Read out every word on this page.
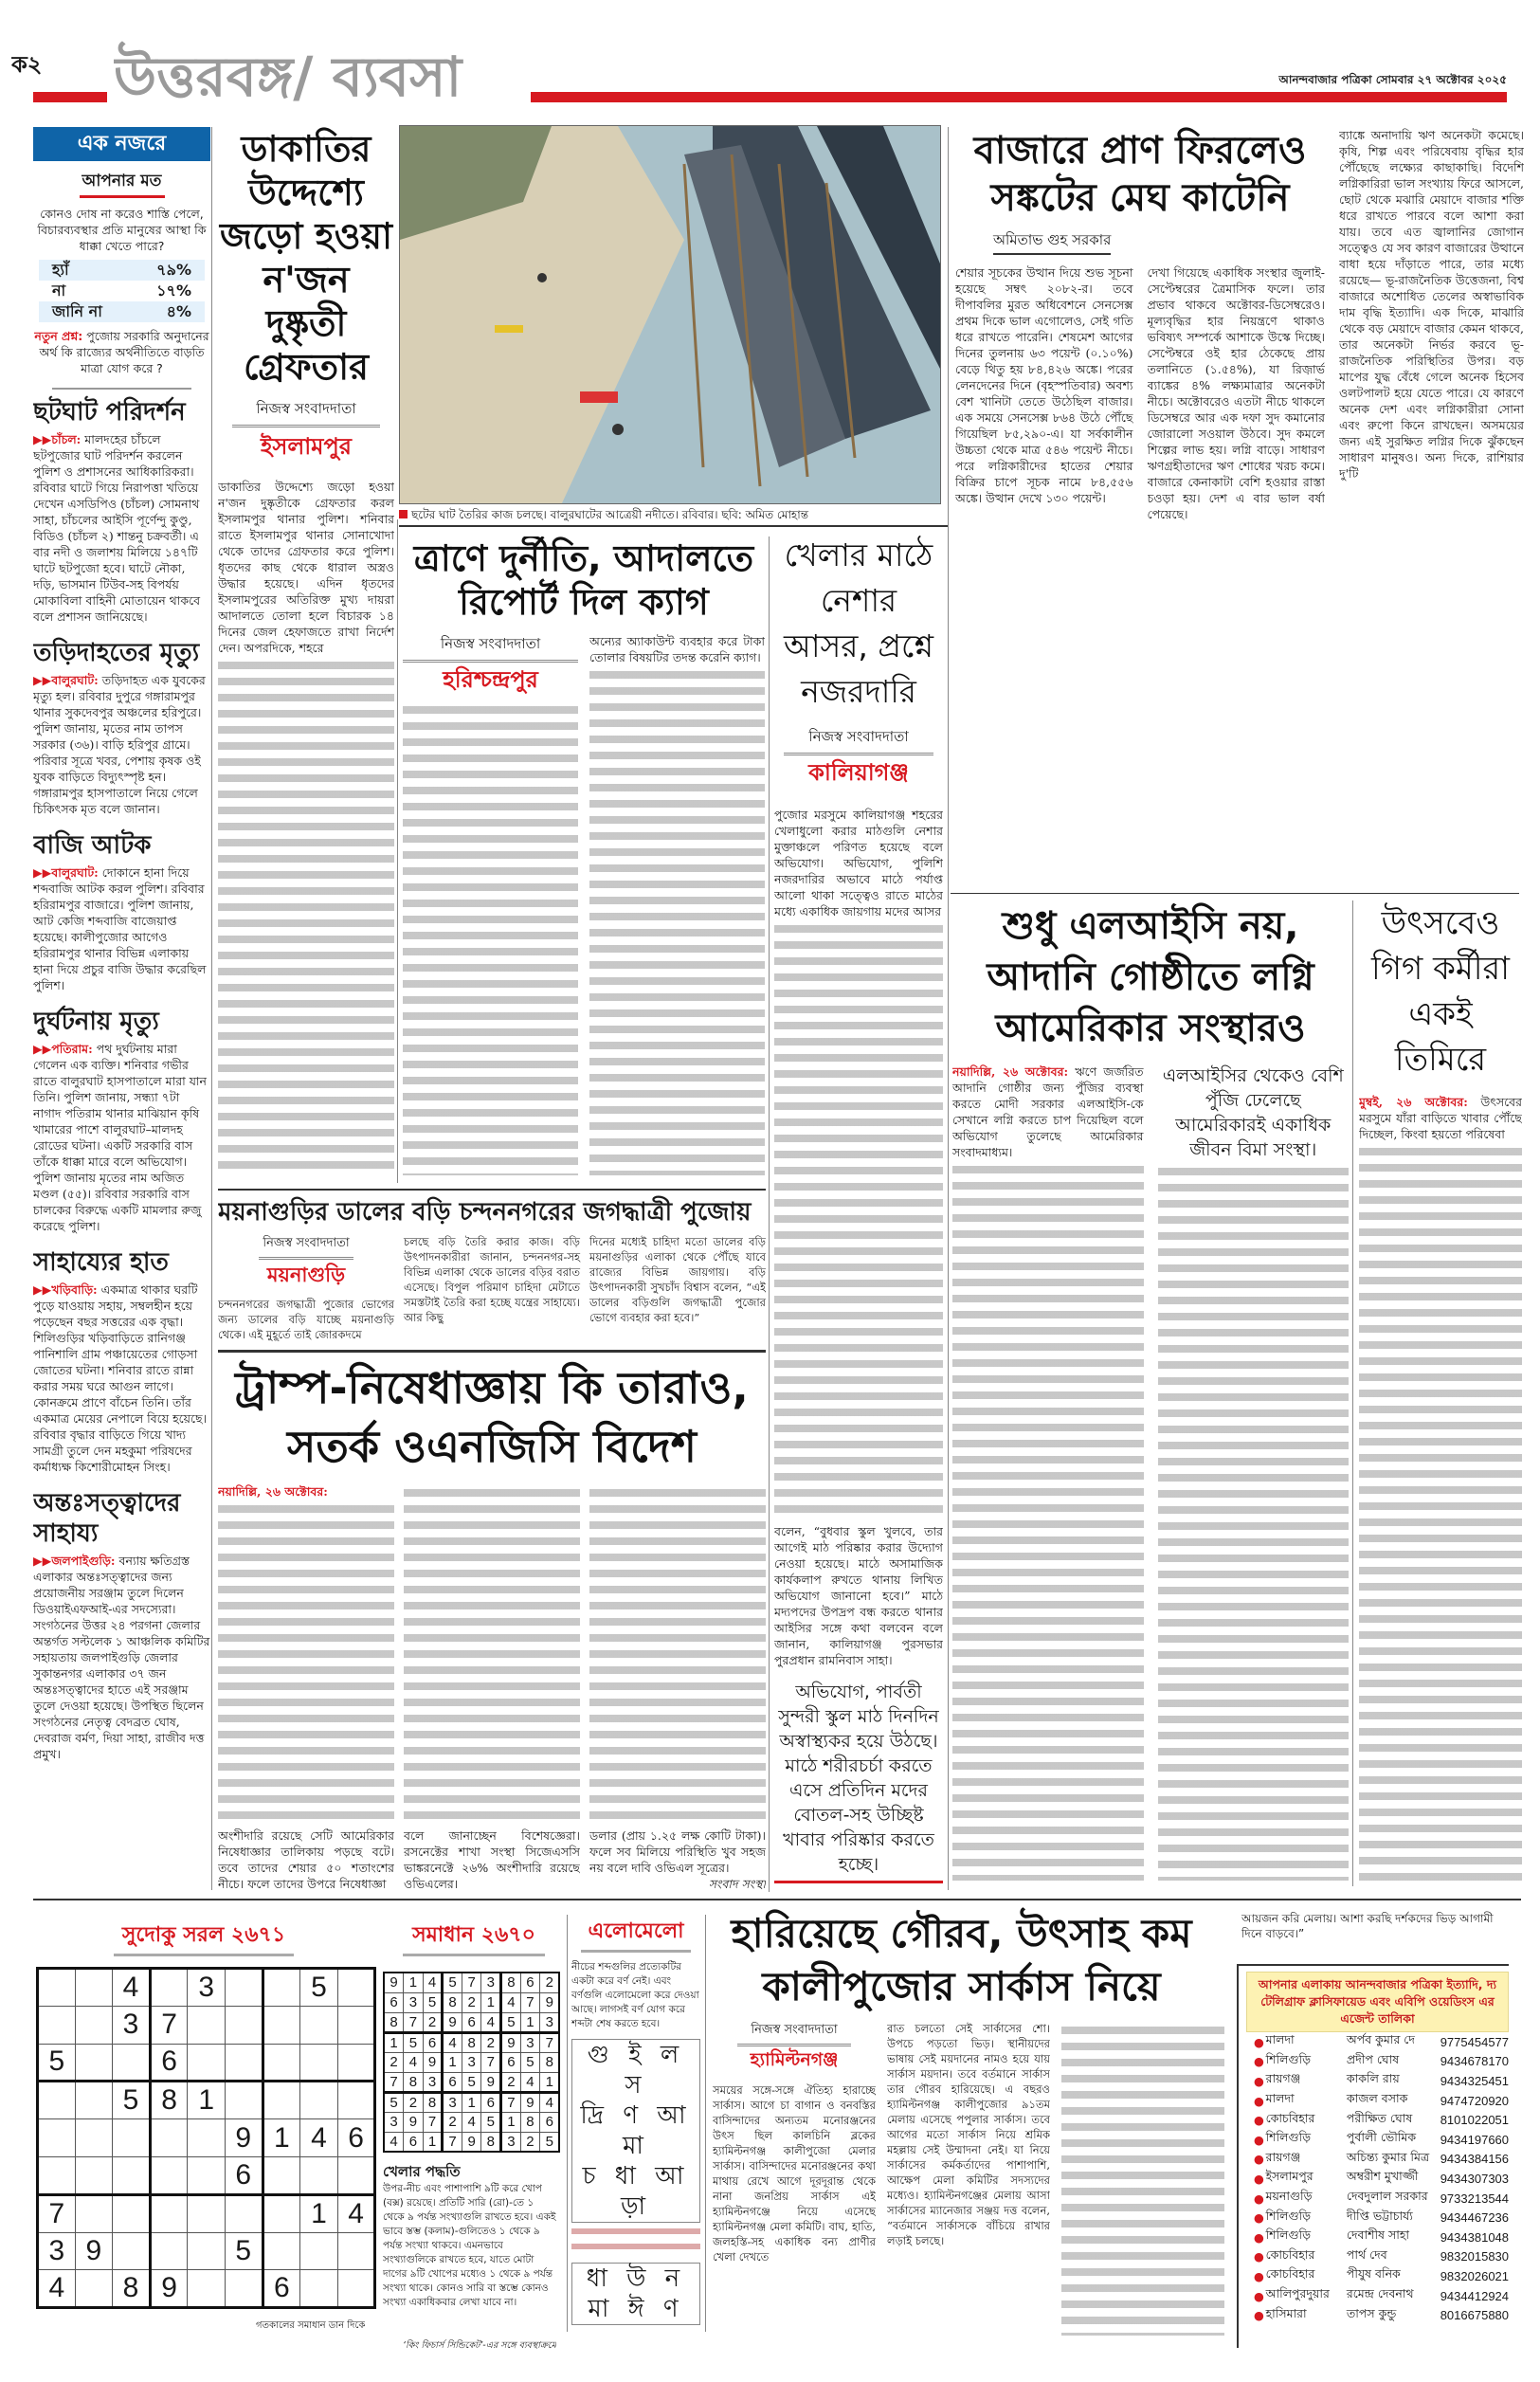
ক২ উত্তরবঙ্গ/ ব্যবসা	আনন্দবাজার পত্রিকা সোমবার ২৭ অক্টোবর ২০২৫
এক নজরে
আপনার মত
কোনও দোষ না করেও শাস্তি পেলে, বিচারব্যবস্থার প্রতি মানুষের আস্থা কি ধাক্কা খেতে পারে?
হ্যাঁ	৭৯%
না	১৭%
জানি না	৪%
নতুন প্রশ্ন: পুজোয় সরকারি অনুদানের অর্থ কি রাজ্যের অর্থনীতিতে বাড়তি মাত্রা যোগ করে ?
ছটঘাট পরিদর্শন
▶▶চাঁচল: মালদহের চাঁচলে ছটপুজোর ঘাট পরিদর্শন করলেন পুলিশ ও প্রশাসনের আধিকারিকরা। রবিবার ঘাটে গিয়ে নিরাপত্তা খতিয়ে দেখেন এসডিপিও (চাঁচল) সোমনাথ সাহা, চাঁচলের আইসি পূর্ণেন্দু কুণ্ডু, বিডিও (চাঁচল ২) শান্তনু চক্রবর্তী। এ বার নদী ও জলাশয় মিলিয়ে ১৪৭টি ঘাটে ছটপুজো হবে। ঘাটে নৌকা, দড়ি, ভাসমান টিউব-সহ বিপর্যয় মোকাবিলা বাহিনী মোতায়েন থাকবে বলে প্রশাসন জানিয়েছে।
তড়িদাহতের মৃত্যু
▶▶বালুরঘাট: তড়িদাহত এক যুবকের মৃত্যু হল। রবিবার দুপুরে গঙ্গারামপুর থানার সুকদেবপুর অঞ্চলের হরিপুরে। পুলিশ জানায়, মৃতের নাম তাপস সরকার (৩৬)। বাড়ি হরিপুর গ্রামে। পরিবার সূত্রে খবর, পেশায় কৃষক ওই যুবক বাড়িতে বিদ্যুৎস্পৃষ্ট হন। গঙ্গারামপুর হাসপাতালে নিয়ে গেলে চিকিৎসক মৃত বলে জানান।
বাজি আটক
▶▶বালুরঘাট: দোকানে হানা দিয়ে শব্দবাজি আটক করল পুলিশ। রবিবার হরিরামপুর বাজারে। পুলিশ জানায়, আট কেজি শব্দবাজি বাজেয়াপ্ত হয়েছে। কালীপুজোর আগেও হরিরামপুর থানার বিভিন্ন এলাকায় হানা দিয়ে প্রচুর বাজি উদ্ধার করেছিল পুলিশ।
দুর্ঘটনায় মৃত্যু
▶▶পতিরাম: পথ দুর্ঘটনায় মারা গেলেন এক ব্যক্তি। শনিবার গভীর রাতে বালুরঘাট হাসপাতালে মারা যান তিনি। পুলিশ জানায়, সন্ধ্যা ৭টা নাগাদ পতিরাম থানার মাঝিয়ান কৃষি খামারের পাশে বালুরঘাট–মালদহ রোডের ঘটনা। একটি সরকারি বাস তাঁকে ধাক্কা মারে বলে অভিযোগ। পুলিশ জানায় মৃতের নাম অজিত মণ্ডল (৫৫)। রবিবার সরকারি বাস চালকের বিরুদ্ধে একটি মামলার রুজু করেছে পুলিশ।
সাহায্যের হাত
▶▶খড়িবাড়ি: একমাত্র থাকার ঘরটি পুড়ে যাওয়ায় সহায়, সম্বলহীন হয়ে পড়েছেন বছর সত্তরের এক বৃদ্ধা। শিলিগুড়ির খড়িবাড়িতে রানিগঞ্জ পানিশালি গ্রাম পঞ্চায়েতের গোড়সা জোতের ঘটনা। শনিবার রাতে রান্না করার সময় ঘরে আগুন লাগে। কোনক্রমে প্রাণে বাঁচেন তিনি। তাঁর একমাত্র মেয়ের নেপালে বিয়ে হয়েছে। রবিবার বৃদ্ধার বাড়িতে গিয়ে খাদ্য সামগ্রী তুলে দেন মহকুমা পরিষদের কর্মাধ্যক্ষ কিশোরীমোহন সিংহ।
অন্তঃসত্ত্বাদের সাহায্য
▶▶জলপাইগুড়ি: বন্যায় ক্ষতিগ্রস্ত এলাকার অন্তঃসত্ত্বাদের জন্য প্রয়োজনীয় সরঞ্জাম তুলে দিলেন ডিওয়াইএফআই-এর সদস্যেরা। সংগঠনের উত্তর ২৪ পরগনা জেলার অন্তর্গত সল্টলেক ১ আঞ্চলিক কমিটির সহায়তায় জলপাইগুড়ি জেলার সুকান্তনগর এলাকার ৩৭ জন অন্তঃসত্ত্বাদের হাতে এই সরঞ্জাম তুলে দেওয়া হয়েছে। উপস্থিত ছিলেন সংগঠনের নেতৃত্ব বেদব্রত ঘোষ, দেবরাজ বর্মণ, দিয়া সাহা, রাজীব দত্ত প্রমুখ।
ডাকাতির উদ্দেশ্যে জড়ো হওয়া ন'জন দুষ্কৃতী গ্রেফতার
নিজস্ব সংবাদদাতা
ইসলামপুর
ডাকাতির উদ্দেশ্যে জড়ো হওয়া ন'জন দুষ্কৃতীকে গ্রেফতার করল ইসলামপুর থানার পুলিশ। শনিবার রাতে ইসলামপুর থানার সোনাখোদা থেকে তাদের গ্রেফতার করে পুলিশ। ধৃতদের কাছ থেকে ধারাল অস্ত্রও উদ্ধার হয়েছে। এদিন ধৃতদের ইসলামপুরের অতিরিক্ত মুখ্য দায়রা আদালতে তোলা হলে বিচারক ১৪ দিনের জেল হেফাজতে রাখা নির্দেশ দেন। অপরদিকে, শহরে
ছটের ঘাট তৈরির কাজ চলছে। বালুরঘাটের আত্রেয়ী নদীতে। রবিবার। ছবি: অমিত মোহান্ত
বাজারে প্রাণ ফিরলেও সঙ্কটের মেঘ কাটেনি
অমিতাভ গুহ সরকার
শেয়ার সূচকের উত্থান দিয়ে শুভ সূচনা হয়েছে সম্বৎ ২০৮২-র। তবে দীপাবলির মুরত অধিবেশনে সেনসেক্স প্রথম দিকে ভাল এগোলেও, সেই গতি ধরে রাখতে পারেনি। শেষমেশ আগের দিনের তুলনায় ৬৩ পয়েন্ট (০.১০%) বেড়ে থিতু হয় ৮৪,৪২৬ অঙ্কে। পরের লেনদেনের দিনে (বৃহস্পতিবার) অবশ্য বেশ খানিটা তেতে উঠেছিল বাজার। এক সময়ে সেনসেক্স ৮৬৪ উঠে পৌঁছে গিয়েছিল ৮৫,২৯০-এ। যা সর্বকালীন উচ্চতা থেকে মাত্র ৫৪৬ পয়েন্ট নীচে। পরে লগ্নিকারীদের হাতের শেয়ার বিক্রির চাপে সূচক নামে ৮৪,৫৫৬ অঙ্কে। উত্থান দেখে ১৩০ পয়েন্ট।
দেখা গিয়েছে একাধিক সংস্থার জুলাই-সেপ্টেম্বরের ত্রৈমাসিক ফলে। তার প্রভাব থাকবে অক্টোবর-ডিসেম্বরেও। মূল্যবৃদ্ধির হার নিয়ন্ত্রণে থাকাও ভবিষ্যৎ সম্পর্কে আশাকে উস্কে দিচ্ছে। সেপ্টেম্বরে ওই হার ঠেকেছে প্রায় তলানিতে (১.৫৪%), যা রিজ়ার্ভ ব্যাঙ্কের ৪% লক্ষ্যমাত্রার অনেকটা নীচে। অক্টোবরেও এতটা নীচে থাকলে ডিসেম্বরে আর এক দফা সুদ কমানোর জোরালো সওয়াল উঠবে। সুদ কমলে শিল্পের লাভ হয়। লগ্নি বাড়ে। সাধারণ ঋণগ্রহীতাদের ঋণ শোধের খরচ কমে। বাজারে কেনাকাটা বেশি হওয়ার রাস্তা চওড়া হয়। দেশ এ বার ভাল বর্ষা পেয়েছে।
ব্যাঙ্কে অনাদায়ি ঋণ অনেকটা কমেছে। কৃষি, শিল্প এবং পরিষেবায় বৃদ্ধির হার পৌঁছেছে লক্ষ্যের কাছাকাছি। বিদেশি লগ্নিকারিরা ভাল সংখ্যায় ফিরে আসলে, ছোট থেকে মঝারি মেয়াদে বাজার শক্তি ধরে রাখতে পারবে বলে আশা করা যায়। তবে এত জ্বালানির জোগান সত্ত্বেও যে সব কারণ বাজারের উত্থানে বাধা হয়ে দাঁড়াতে পারে, তার মধ্যে রয়েছে— ভূ-রাজনৈতিক উত্তেজনা, বিশ্ব বাজারে অশোধিত তেলের অস্বাভাবিক দাম বৃদ্ধি ইত্যাদি। এক দিকে, মাঝারি থেকে বড় মেয়াদে বাজার কেমন থাকবে, তার অনেকটা নির্ভর করবে ভূ-রাজনৈতিক পরিস্থিতির উপর। বড় মাপের যুদ্ধ বেঁধে গেলে অনেক হিসেব ওলটপালট হয়ে যেতে পারে। যে কারণে অনেক দেশ এবং লগ্নিকারীরা সোনা এবং রুপো কিনে রাখছেন। অসময়ের জন্য এই সুরক্ষিত লগ্নির দিকে ঝুঁকছেন সাধারণ মানুষও। অন্য দিকে, রাশিয়ার দু'টি
ত্রাণে দুর্নীতি, আদালতে রিপোর্ট দিল ক্যাগ
নিজস্ব সংবাদদাতা
হরিশ্চন্দ্রপুর
অন্যের অ্যাকাউন্ট ব্যবহার করে টাকা তোলার বিষয়টির তদন্ত করেনি ক্যাগ।
খেলার মাঠে নেশার আসর, প্রশ্নে নজরদারি
নিজস্ব সংবাদদাতা
কালিয়াগঞ্জ
পুজোর মরসুমে কালিয়াগঞ্জ শহরের খেলাধুলো করার মাঠগুলি নেশার মুক্তাঞ্চলে পরিণত হয়েছে বলে অভিযোগ। অভিযোগ, পুলিশি নজরদারির অভাবে মাঠে পর্যাপ্ত আলো থাকা সত্ত্বেও রাতে মাঠের মধ্যে একাধিক জায়গায় মদের আসর
বলেন, “বুধবার স্কুল খুলবে, তার আগেই মাঠ পরিষ্কার করার উদ্যোগ নেওয়া হয়েছে। মাঠে অসামাজিক কার্যকলাপ রুখতে থানায় লিখিত অভিযোগ জানানো হবে।” মাঠে মদ্যপদের উপদ্রপ বন্ধ করতে থানার আইসির সঙ্গে কথা বলবেন বলে জানান, কালিয়াগঞ্জ পুরসভার পুরপ্রধান রামনিবাস সাহা।
অভিযোগ, পার্বতী সুন্দরী স্কুল মাঠ দিনদিন অস্বাস্থ্যকর হয়ে উঠছে। মাঠে শরীরচর্চা করতে এসে প্রতিদিন মদের বোতল-সহ উচ্ছিষ্ট খাবার পরিষ্কার করতে হচ্ছে।
শুধু এলআইসি নয়, আদানি গোষ্ঠীতে লগ্নি আমেরিকার সংস্থারও
নয়াদিল্লি, ২৬ অক্টোবর: ঋণে জর্জরিত আদানি গোষ্ঠীর জন্য পুঁজির ব্যবস্থা করতে মোদী সরকার এলআইসি-কে সেখানে লগ্নি করতে চাপ দিয়েছিল বলে অভিযোগ তুলেছে আমেরিকার সংবাদমাধ্যম।
এলআইসির থেকেও বেশি পুঁজি ঢেলেছে আমেরিকারই একাধিক জীবন বিমা সংস্থা।
উৎসবেও গিগ কর্মীরা একই তিমিরে
মুম্বই, ২৬ অক্টোবর: উৎসবের মরসুমে যাঁরা বাড়িতে খাবার পৌঁছে দিচ্ছেল, কিংবা হয়তো পরিষেবা
ময়নাগুড়ির ডালের বড়ি চন্দননগরের জগদ্ধাত্রী পুজোয়
নিজস্ব সংবাদদাতা
ময়নাগুড়ি
চন্দননগরের জগদ্ধাত্রী পুজোর ভোগের জন্য ডালের বড়ি যাচ্ছে ময়নাগুড়ি থেকে। এই মুহূর্তে তাই জোরকদমে
চলছে বড়ি তৈরি করার কাজ। বড়ি উৎপাদনকারীরা জানান, চন্দননগর-সহ বিভিন্ন এলাকা থেকে ডালের বড়ির বরাত এসেছে। বিপুল পরিমাণ চাহিদা মেটাতে সমস্তটাই তৈরি করা হচ্ছে যন্ত্রের সাহায্যে। আর কিছু
দিনের মধ্যেই চাহিদা মতো ডালের বড়ি ময়নাগুড়ির এলাকা থেকে পৌঁছে যাবে রাজ্যের বিভিন্ন জায়গায়। বড়ি উৎপাদনকারী সুখচাঁদ বিশ্বাস বলেন, “এই ডালের বড়িগুলি জগদ্ধাত্রী পুজোর ভোগে ব্যবহার করা হবে।”
ট্রাম্প-নিষেধাজ্ঞায় কি তারাও, সতর্ক ওএনজিসি বিদেশ
নয়াদিল্লি, ২৬ অক্টোবর:
অংশীদারি রয়েছে সেটি আমেরিকার নিষেধাজ্ঞার তালিকায় পড়ছে বটে। তবে তাদের শেয়ার ৫০ শতাংশের নীচে। ফলে তাদের উপরে নিষেধাজ্ঞা
বলে জানাচ্ছেন বিশেষজ্ঞেরা। রসনেক্টের শাখা সংস্থা সিজেএসসি ভাঙ্করনেক্টে ২৬% অংশীদারি রয়েছে ওভিএলের।
ডলার (প্রায় ১.২৫ লক্ষ কোটি টাকা)। ফলে সব মিলিয়ে পরিস্থিতি খুব সহজ নয় বলে দাবি ওভিএল সূত্রের।
সংবাদ সংস্থা
সুদোকু সরল ২৬৭১
		4		3			5	
		3	7					
5			6					
		5	8	1				
					9	1	4	6
					6			
7							1	4
3	9				5			
4		8	9			6		
গতকালের সমাধান ডান দিকে
সমাধান ২৬৭০
9	1	4	5	7	3	8	6	2
6	3	5	8	2	1	4	7	9
8	7	2	9	6	4	5	1	3
1	5	6	4	8	2	9	3	7
2	4	9	1	3	7	6	5	8
7	8	3	6	5	9	2	4	1
5	2	8	3	1	6	7	9	4
3	9	7	2	4	5	1	8	6
4	6	1	7	9	8	3	2	5
খেলার পদ্ধতি
উপর-নীচ এবং পাশাপাশি ৯টি করে খোপ (বক্স) রয়েছে। প্রতিটি সারি (রো)-তে ১ থেকে ৯ পর্যন্ত সংখ্যাগুলি রাখতে হবে। একই ভাবে স্তম্ভ (কলাম)-গুলিতেও ১ থেকে ৯ পর্যন্ত সংখ্যা থাকবে। এমনভাবে সংখ্যাগুলিকে রাখতে হবে, যাতে মোটা দাগের ৯টি খোপের মধ্যেও ১ থেকে ৯ পর্যন্ত সংখ্যা থাকে। কোনও সারি বা স্তম্ভে কোনও সংখ্যা একাধিকবার লেখা যাবে না।
‘কিং ফিচার্স সিন্ডিকেট’-এর সঙ্গে ব্যবস্থাক্রমে
এলোমেলো
নীচের শব্দগুলির প্রত্যেকটির একটা করে বর্ণ নেই। এবং বর্ণগুলি এলোমেলো করে দেওয়া আছে। লাগসই বর্ণ যোগ করে শব্দটা শেষ করতে হবে।
গু ই ল স
দ্রি ণ আ মা
চ ধা আ ড়া
ধা উ ন
মা ঈ ণ
হারিয়েছে গৌরব, উৎসাহ কম কালীপুজোর সার্কাস নিয়ে
নিজস্ব সংবাদদাতা
হ্যামিল্টনগঞ্জ
সময়ের সঙ্গে-সঙ্গে ঐতিহ্য হারাচ্ছে সার্কাস। আগে চা বাগান ও বনবস্তির বাসিন্দাদের অন্যতম মনোরঞ্জনের উৎস ছিল কালচিনি ব্লকের হ্যামিল্টনগঞ্জ কালীপুজো মেলার সার্কাস। বাসিন্দাদের মনোরঞ্জনের কথা মাথায় রেখে আগে দূরদূরান্ত থেকে নানা জনপ্রিয় সার্কাস এই হ্যামিল্টনগঞ্জে নিয়ে এসেছে হ্যামিল্টনগঞ্জ মেলা কমিটি। বাঘ, হাতি, জলহস্তি-সহ একাধিক বন্য প্রাণীর খেলা দেখতে
রাত চলতো সেই সার্কাসের শো। উপচে পড়তো ভিড়। স্থানীয়দের ভাষায় সেই ময়দানের নামও হয়ে যায় সার্কাস ময়দান। তবে বর্তমানে সার্কাস তার গৌরব হারিয়েছে। এ বছরও হ্যামিল্টনগঞ্জ কালীপুজোর ৯১তম মেলায় এসেছে পপুলার সার্কাস। তবে আগের মতো সার্কাস নিয়ে শ্রমিক মহল্লায় সেই উম্মাদনা নেই। যা নিয়ে সার্কাসের কর্মকর্তাদের পাশাপাশি, আক্ষেপ মেলা কমিটির সদস্যদের মধ্যেও। হ্যামিল্টনগঞ্জের মেলায় আসা সার্কাসের ম্যানেজার সঞ্জয় দত্ত বলেন, “বর্তমানে সার্কাসকে বাঁচিয়ে রাখার লড়াই চলছে।
আয়জন করি মেলায়। আশা করছি দর্শকদের ভিড় আগামী দিনে বাড়বে।”
আপনার এলাকায় আনন্দবাজার পত্রিকা ইত্যাদি, দ্য টেলিগ্রাফ ক্লাসিফায়েড এবং এবিপি ওয়েডিংস এর এজেন্ট তালিকা
● মালদা	অর্পব কুমার দে	9775454577
● শিলিগুড়ি	প্রদীপ ঘোষ	9434678170
● রায়গঞ্জ	কাকলি রায়	9434325451
● মালদা	কাজল বসাক	9474720920
● কোচবিহার	পরীক্ষিত ঘোষ	8101022051
● শিলিগুড়ি	পুর্বালী ভৌমিক	9434197660
● রায়গঞ্জ	অচিন্ত্য কুমার মিত্র 9434384156
● ইসলামপুর	অম্বরীশ মুখার্জ্জী	9434307303
● ময়নাগুড়ি	দেবদুলাল সরকার	9733213544
● শিলিগুড়ি	দীপ্তি ভট্টাচার্য্য	9434467236
● শিলিগুড়ি	দেবাশীষ সাহা	9434381048
● কোচবিহার	পার্থ দেব	9832015830
● কোচবিহার	পীযুষ বনিক	9832026021
● আলিপুরদুয়ার	রমেন্দ্র দেবনাথ	9434412924
● হাসিমারা	তাপস কুন্ডু	8016675880
